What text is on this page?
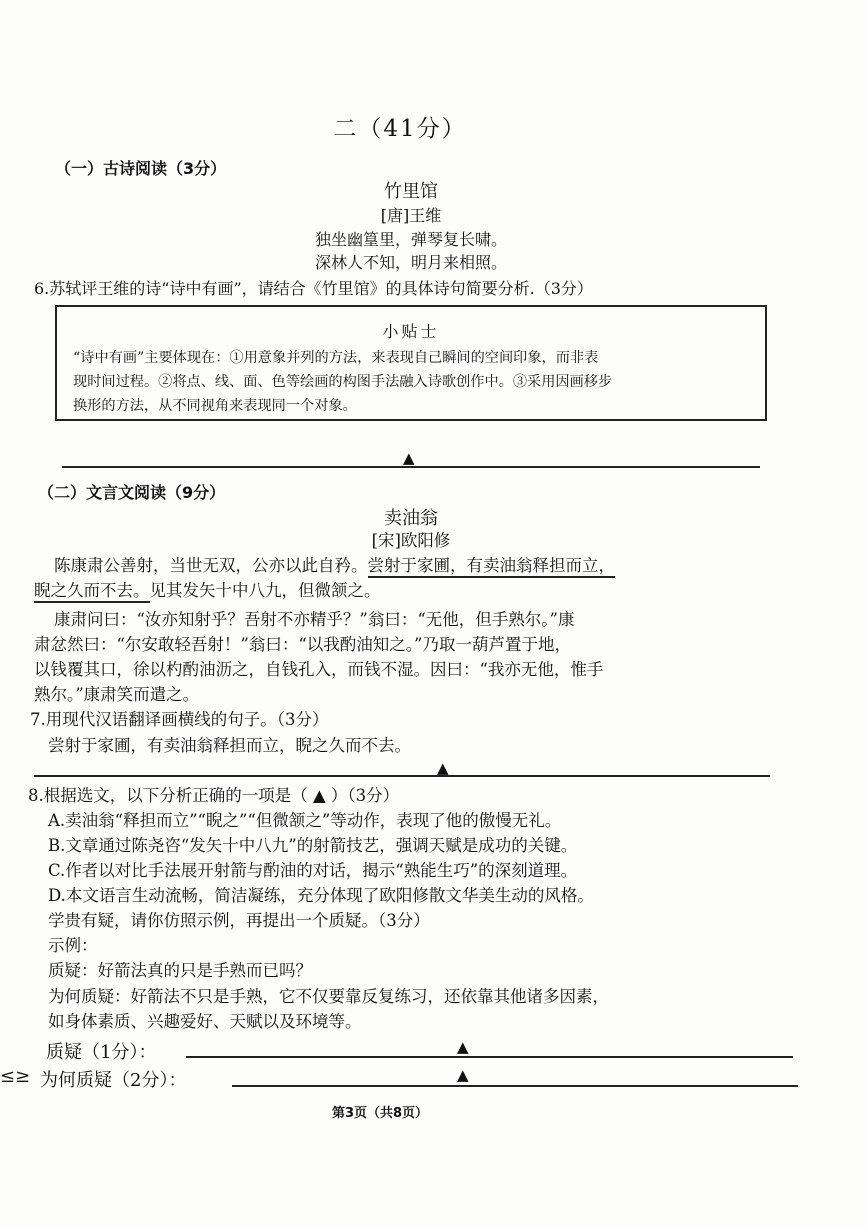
二（41分）
（一）古诗阅读（3分）
竹里馆
[唐]王维
独坐幽篁里，弹琴复长啸。
深林人不知，明月来相照。
6.苏轼评王维的诗“诗中有画”，请结合《竹里馆》的具体诗句简要分析.（3分）
小贴士
“诗中有画”主要体现在：①用意象并列的方法，来表现自己瞬间的空间印象，而非表
现时间过程。②将点、线、面、色等绘画的构图手法融入诗歌创作中。③采用因画移步
换形的方法，从不同视角来表现同一个对象。
▲
（二）文言文阅读（9分）
卖油翁
[宋]欧阳修
陈康肃公善射，当世无双，公亦以此自矜。尝射于家圃，有卖油翁释担而立，
睨之久而不去。见其发矢十中八九，但微颔之。
康肃问曰：“汝亦知射乎？吾射不亦精乎？”翁曰：“无他，但手熟尔。”康
肃忿然曰：“尔安敢轻吾射！”翁曰：“以我酌油知之。”乃取一葫芦置于地，
以钱覆其口，徐以杓酌油沥之，自钱孔入，而钱不湿。因曰：“我亦无他，惟手
熟尔。”康肃笑而遣之。
7.用现代汉语翻译画横线的句子。（3分）
尝射于家圃，有卖油翁释担而立，睨之久而不去。
▲
8.根据选文，以下分析正确的一项是（ ▲ ）（3分）
A.卖油翁“释担而立”“睨之”“但微颔之”等动作，表现了他的傲慢无礼。
B.文章通过陈尧咨“发矢十中八九”的射箭技艺，强调天赋是成功的关键。
C.作者以对比手法展开射箭与酌油的对话，揭示“熟能生巧”的深刻道理。
D.本文语言生动流畅，简洁凝练，充分体现了欧阳修散文华美生动的风格。
学贵有疑，请你仿照示例，再提出一个质疑。（3分）
示例：
质疑：好箭法真的只是手熟而已吗？
为何质疑：好箭法不只是手熟，它不仅要靠反复练习，还依靠其他诸多因素，
如身体素质、兴趣爱好、天赋以及环境等。
质疑（1分）：	▲
≤≥ 为何质疑（2分）：	▲
第3页（共8页）
